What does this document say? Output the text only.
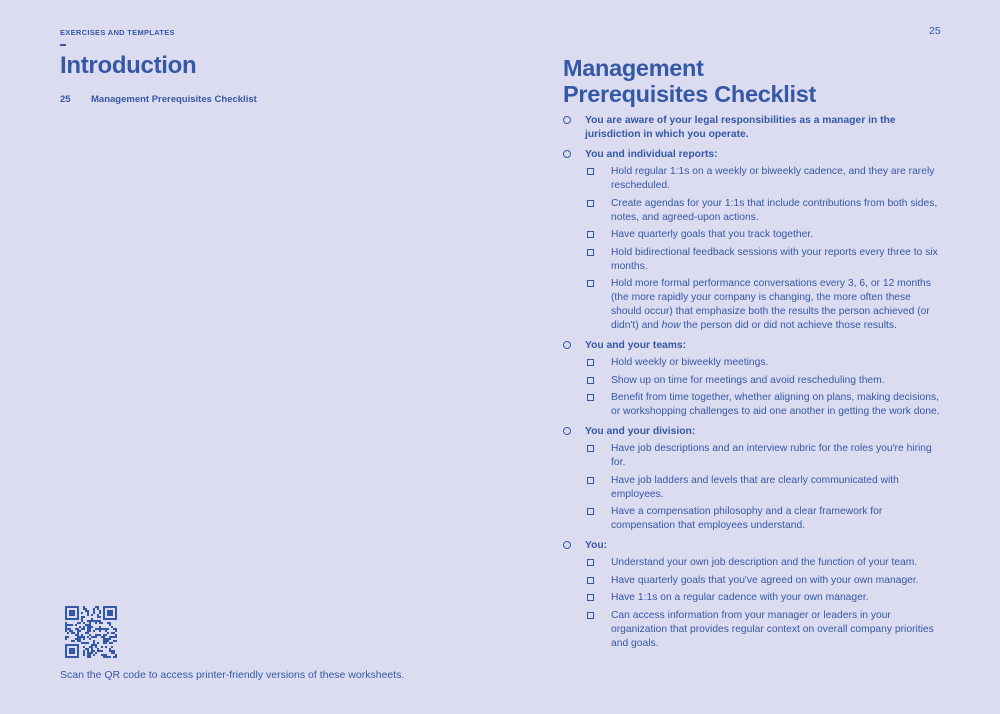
EXERCISES AND TEMPLATES
Introduction
25	Management Prerequisites Checklist
Scan the QR code to access printer-friendly versions of these worksheets.
25
Management
Prerequisites Checklist
You are aware of your legal responsibilities as a manager in the jurisdiction in which you operate.
You and individual reports:
Hold regular 1:1s on a weekly or biweekly cadence, and they are rarely rescheduled.
Create agendas for your 1:1s that include contributions from both sides, notes, and agreed-upon actions.
Have quarterly goals that you track together.
Hold bidirectional feedback sessions with your reports every three to six months.
Hold more formal performance conversations every 3, 6, or 12 months (the more rapidly your company is changing, the more often these should occur) that emphasize both the results the person achieved (or didn't) and how the person did or did not achieve those results.
You and your teams:
Hold weekly or biweekly meetings.
Show up on time for meetings and avoid rescheduling them.
Benefit from time together, whether aligning on plans, making decisions, or workshopping challenges to aid one another in getting the work done.
You and your division:
Have job descriptions and an interview rubric for the roles you're hiring for.
Have job ladders and levels that are clearly communicated with employees.
Have a compensation philosophy and a clear framework for compensation that employees understand.
You:
Understand your own job description and the function of your team.
Have quarterly goals that you've agreed on with your own manager.
Have 1:1s on a regular cadence with your own manager.
Can access information from your manager or leaders in your organization that provides regular context on overall company priorities and goals.
